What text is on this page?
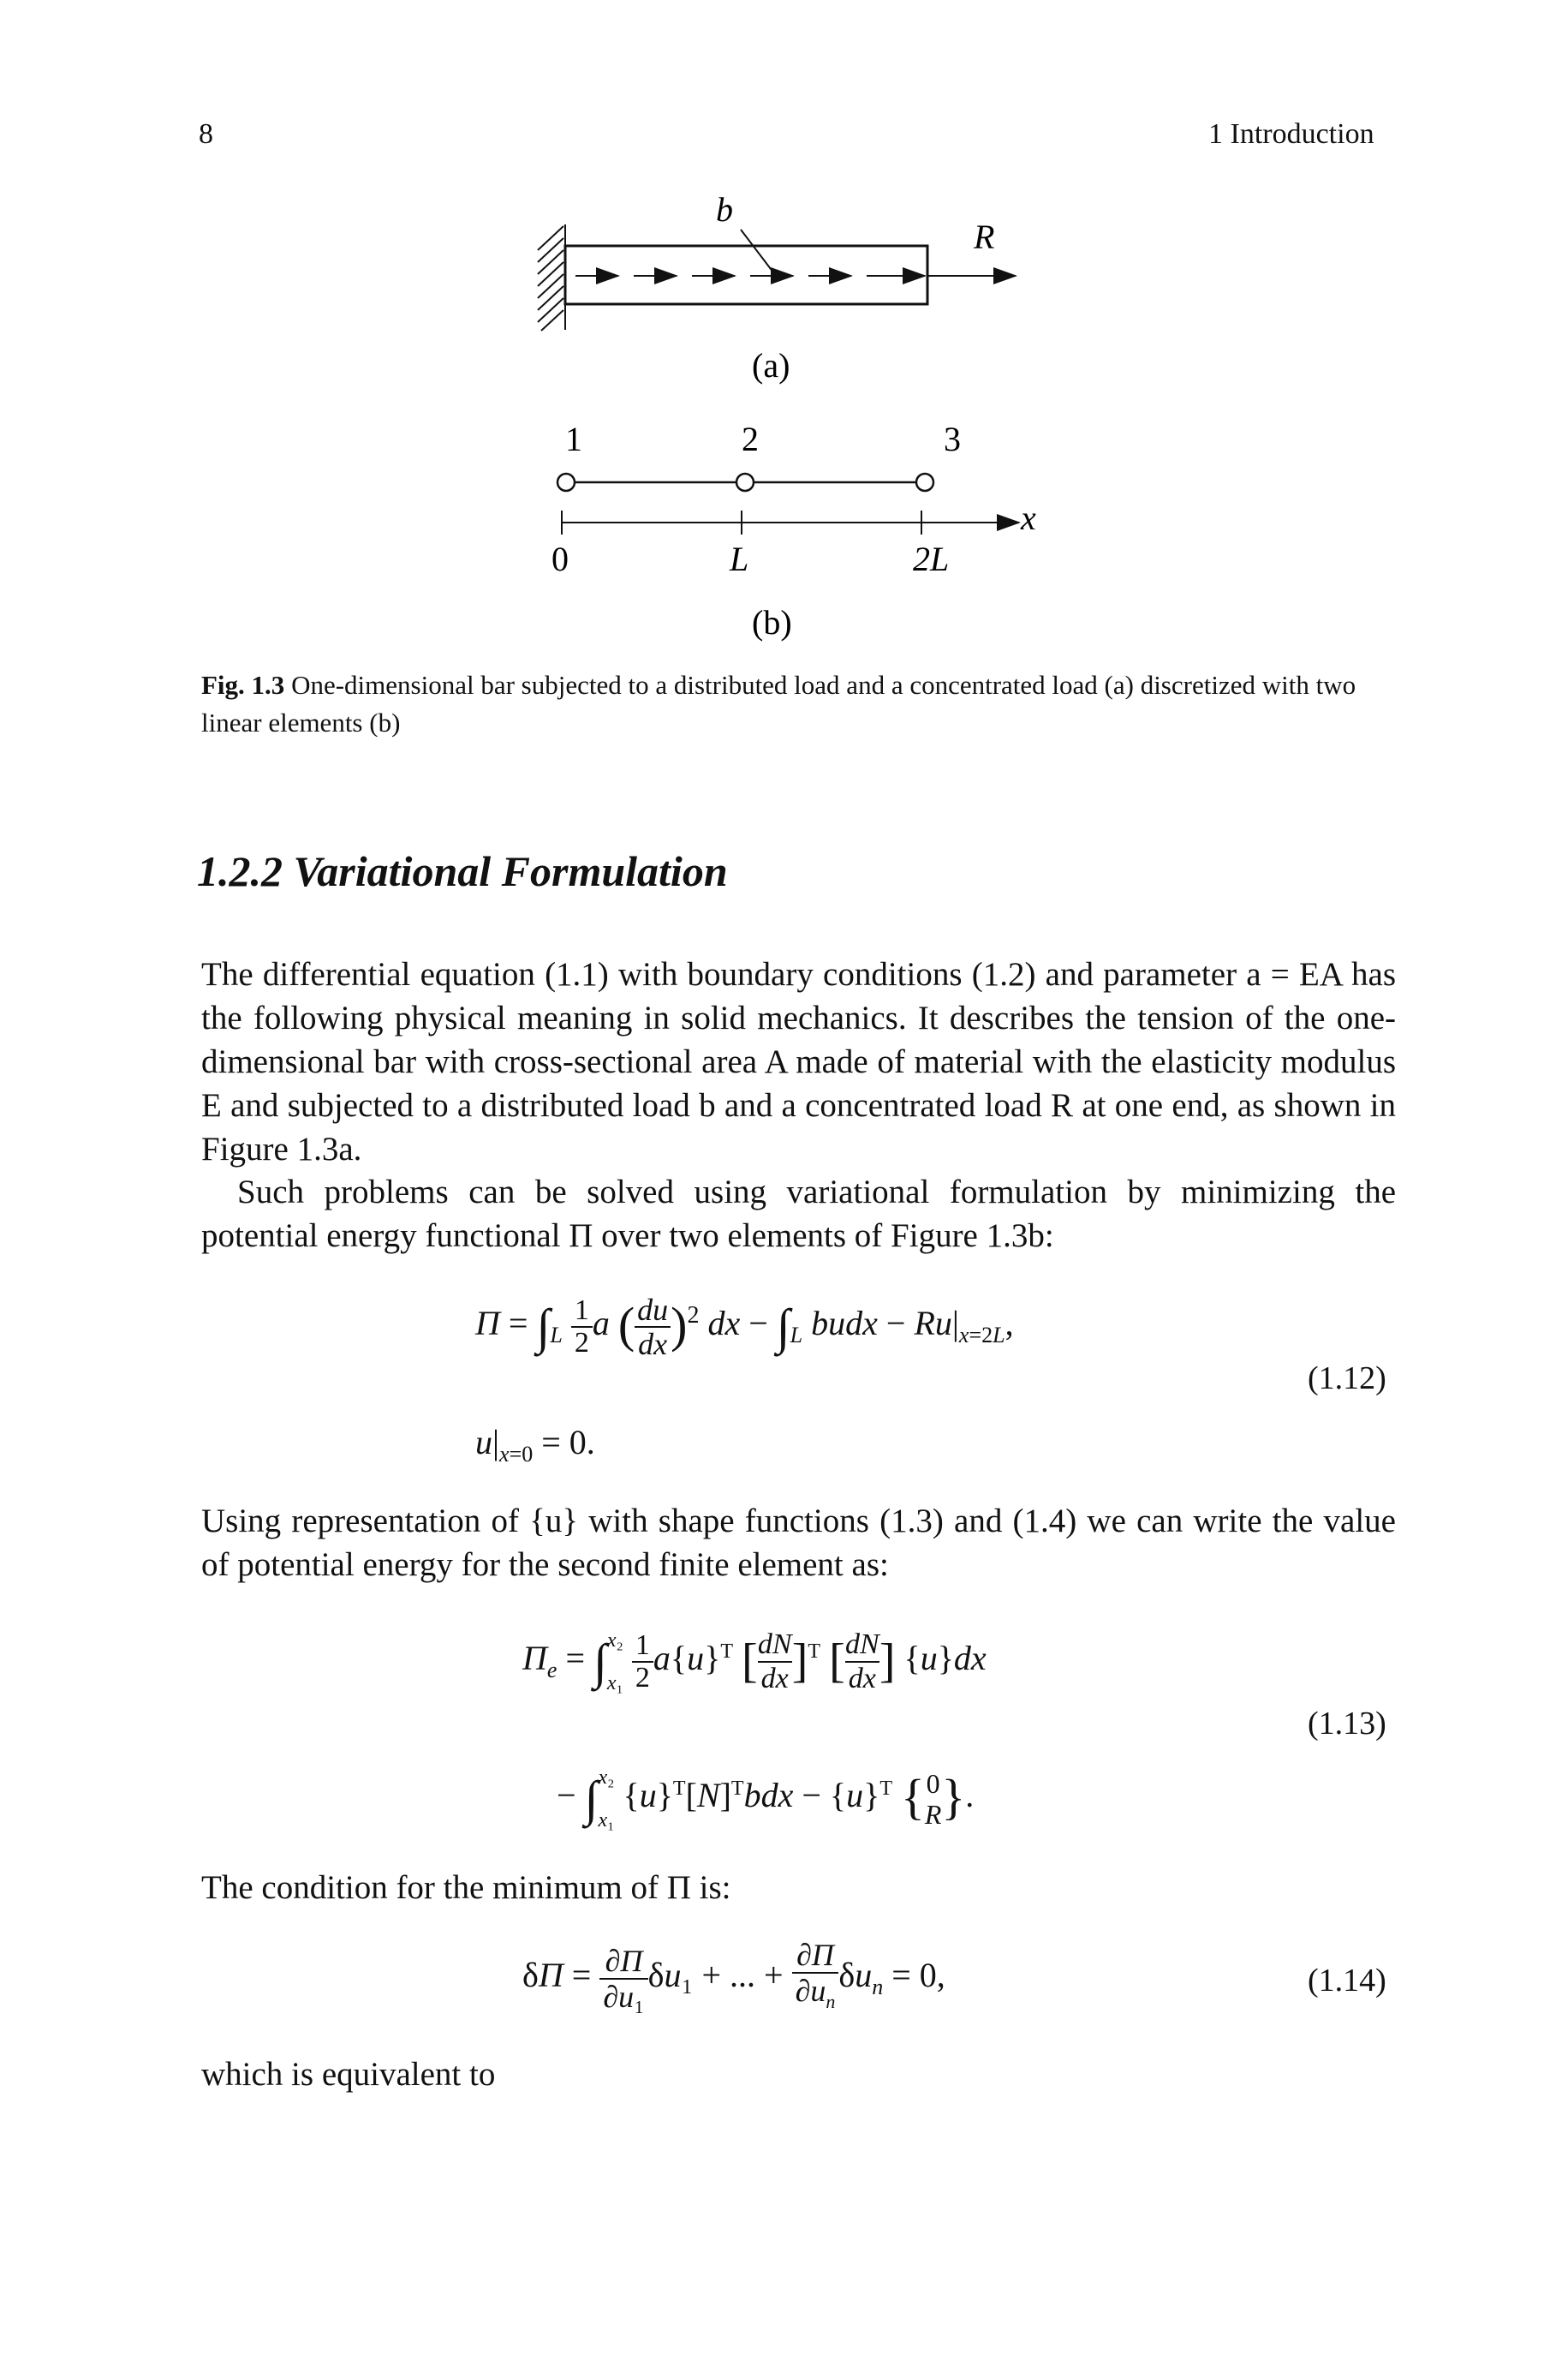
8	1 Introduction
b
R
(a)
1	2	3
x
0	L	2L
(b)
Fig. 1.3 One-dimensional bar subjected to a distributed load and a concentrated load (a) discretized with two linear elements (b)
1.2.2 Variational Formulation

The differential equation (1.1) with boundary conditions (1.2) and parameter a = EA has the following physical meaning in solid mechanics. It describes the tension of the one-dimensional bar with cross-sectional area A made of material with the elasticity modulus E and subjected to a distributed load b and a concentrated load R at one end, as shown in Figure 1.3a.

Such problems can be solved using variational formulation by minimizing the potential energy functional Π over two elements of Figure 1.3b:

$\Pi = \int_L$ 1
2a $(\frac{du}{dx})^2$ dx − $\int_L$ budx − $Ru|_{x=2L}$,
(1.12)
$u|_{x=0} = 0$.

Using representation of {u} with shape functions (1.3) and (1.4) we can write the value of potential energy for the second finite element as:

$\Pi_e = \int x_2$
x₁ 1
$2a\{u\}^T$ $[\frac{dN}{dx}]^T$ $[\frac{dN}{dx}]$ {u}dx
(1.13)
− ∫x₂
x₁ $\{u\}^T[N]^Tbdx - \{u\}^T$ {0
R}.

The condition for the minimum of Π is:

δΠ = ∂Π
∂u₁δu₁ + ... + ∂Π
$\partial u_n\delta u_n = 0$,	(1.14)

which is equivalent to
